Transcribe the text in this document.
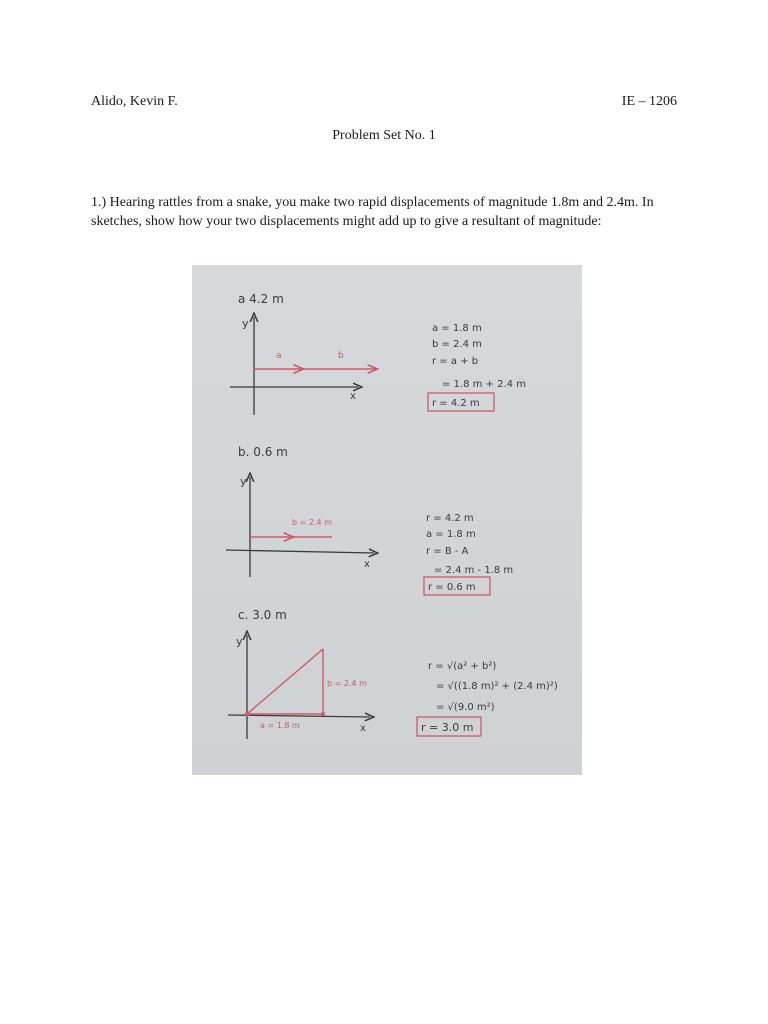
Alido, Kevin F.	IE – 1206
Problem Set No. 1
1.) Hearing rattles from a snake, you make two rapid displacements of magnitude 1.8m and 2.4m. In sketches, show how your two displacements might add up to give a resultant of magnitude:
a 4.2 m
y
x
a	b
a = 1.8 m
b = 2.4 m
r = a + b
= 1.8 m + 2.4 m
r = 4.2 m
b. 0.6 m
y
x
b = 2.4 m	r = 4.2 m
a = 1.8 m
r = B - A
= 2.4 m - 1.8 m
r = 0.6 m
c. 3.0 m
y
x
a = 1.8 m
b = 2.4 m
r = √(a² + b²)
= √((1.8 m)² + (2.4 m)²)
= √(9.0 m²)
r = 3.0 m
